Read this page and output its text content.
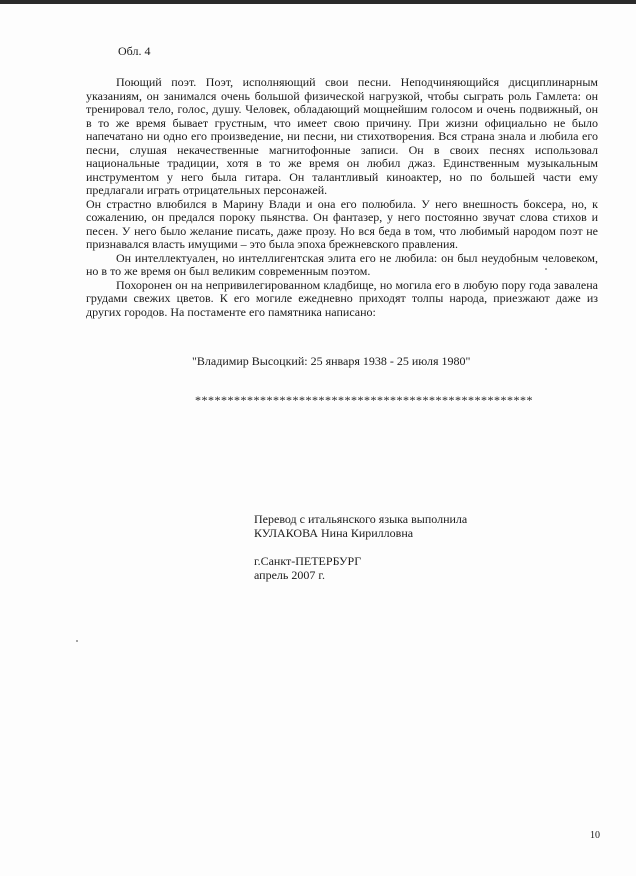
Обл. 4

Поющий поэт. Поэт, исполняющий свои песни. Неподчиняющийся дисциплинарным указаниям, он занимался очень большой физической нагрузкой, чтобы сыграть роль Гамлета: он тренировал тело, голос, душу. Человек, обладающий мощнейшим голосом и очень подвижный, он в то же время бывает грустным, что имеет свою причину. При жизни официально не было напечатано ни одно его произведение, ни песни, ни стихотворения. Вся страна знала и любила его песни, слушая некачественные магнитофонные записи. Он в своих песнях использовал национальные традиции, хотя в то же время он любил джаз. Единственным музыкальным инструментом у него была гитара. Он талантливый киноактер, но по большей части ему предлагали играть отрицательных персонажей.

Он страстно влюбился в Марину Влади и она его полюбила. У него внешность боксера, но, к сожалению, он предался пороку пьянства. Он фантазер, у него постоянно звучат слова стихов и песен. У него было желание писать, даже прозу. Но вся беда в том, что любимый народом поэт не признавался власть имущими – это была эпоха брежневского правления.

Он интеллектуален, но интеллигентская элита его не любила: он был неудобным человеком, но в то же время он был великим современным поэтом.

Похоронен он на непривилегированном кладбище, но могила его в любую пору года завалена грудами свежих цветов. К его могиле ежедневно приходят толпы народа, приезжают даже из других городов. На постаменте его памятника написано:

"Владимир Высоцкий: 25 января 1938 - 25 июля 1980"
****************************************************
Перевод с итальянского языка выполнила
КУЛАКОВА Нина Кирилловна
г.Санкт-ПЕТЕРБУРГ
апрель 2007 г.
10
